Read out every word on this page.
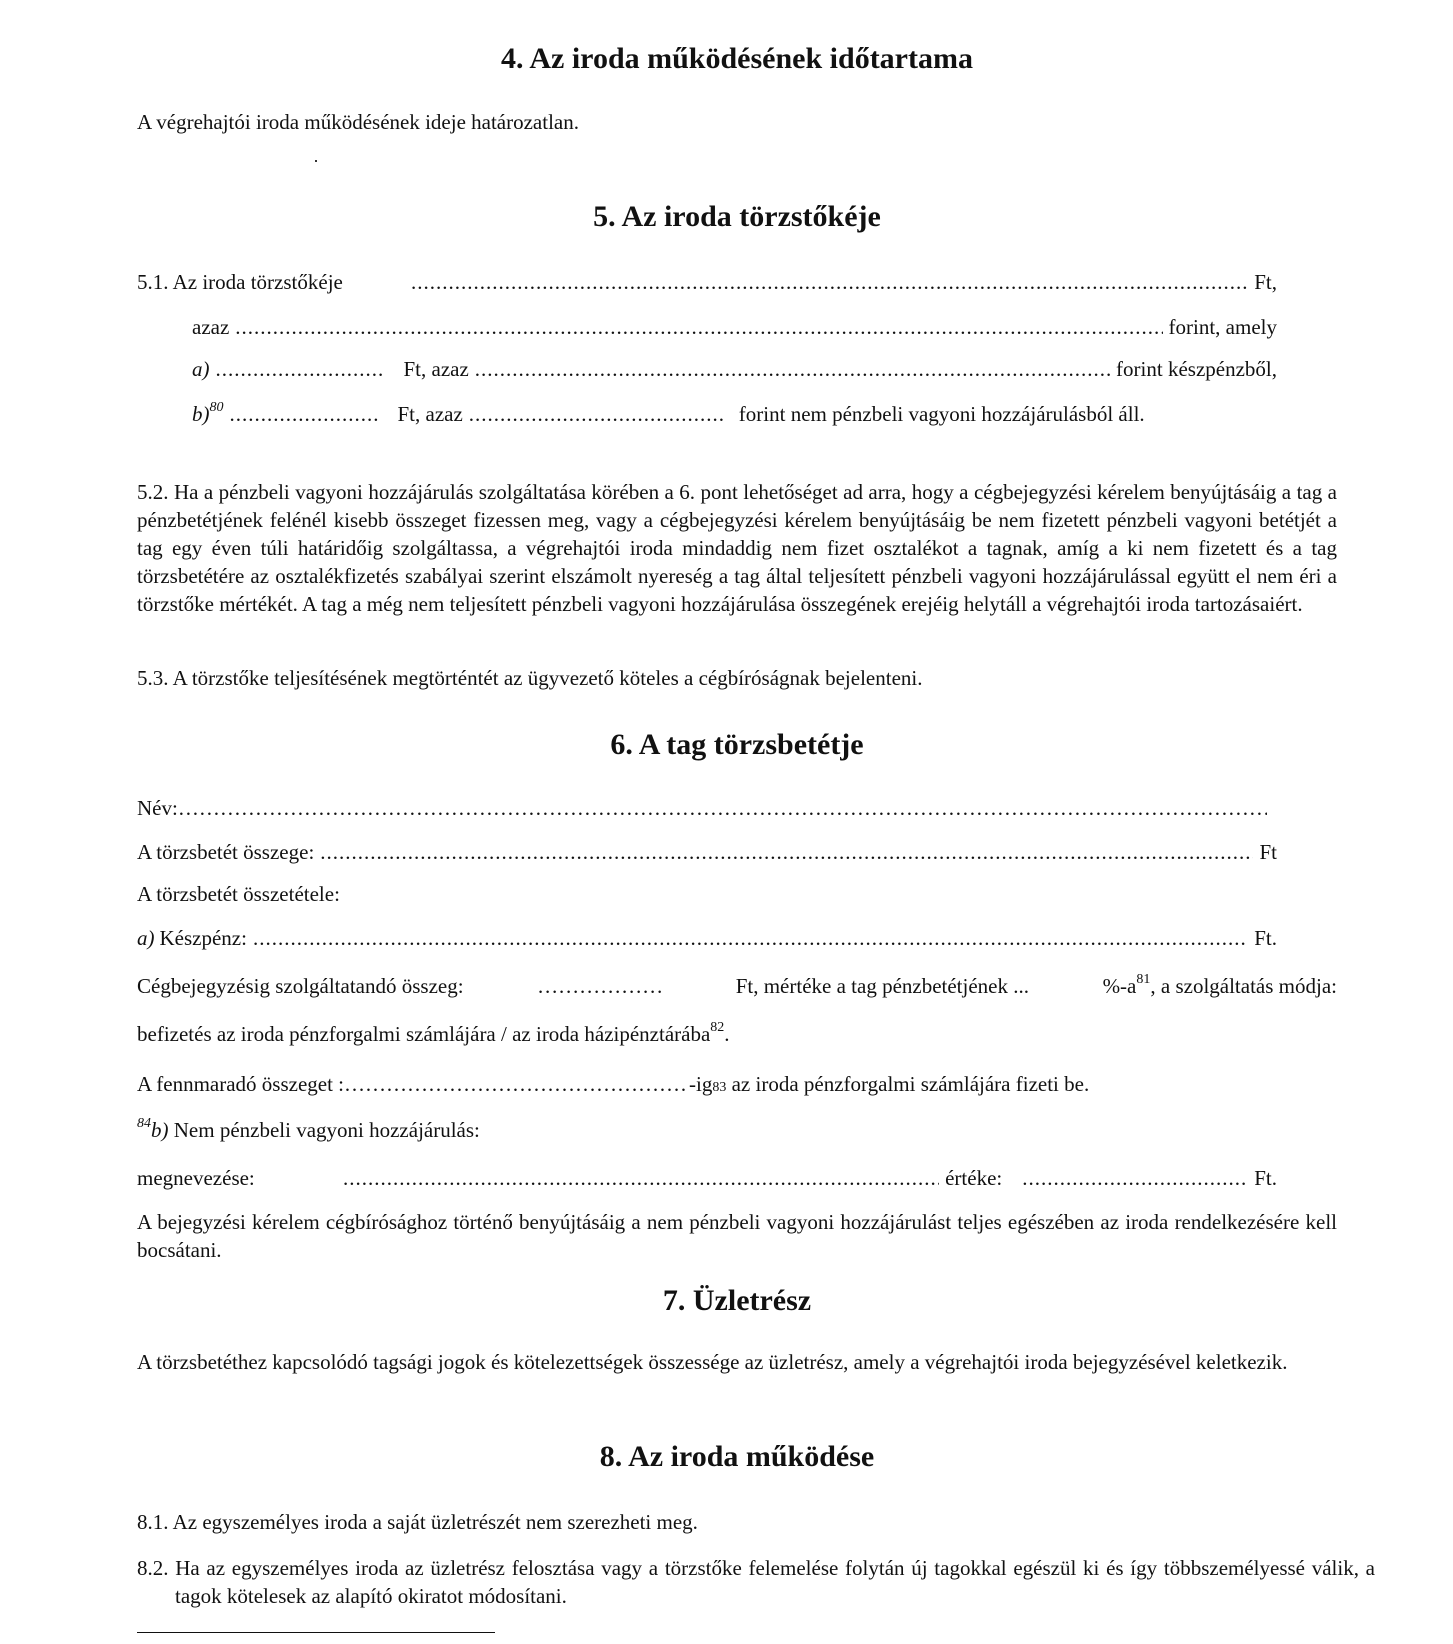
4. Az iroda működésének időtartama
A végrehajtói iroda működésének ideje határozatlan.
5. Az iroda törzstőkéje
5.1. Az iroda törzstőkéje .....	Ft,
azaz .....	forint, amely
a) .....	Ft, azaz .....	forint készpénzből,
b)$^{80}$ .....	Ft, azaz .....	forint nem pénzbeli vagyoni hozzájárulásból áll.
5.2. Ha a pénzbeli vagyoni hozzájárulás szolgáltatása körében a 6. pont lehetőséget ad arra, hogy a cégbejegyzési kérelem benyújtásáig a tag a pénzbetétjének felénél kisebb összeget fizessen meg, vagy a cégbejegyzési kérelem benyújtásáig be nem fizetett pénzbeli vagyoni betétjét a tag egy éven túli határidőig szolgáltassa, a végrehajtói iroda mindaddig nem fizet osztalékot a tagnak, amíg a ki nem fizetett és a tag törzsbetétére az osztalékfizetés szabályai szerint elszámolt nyereség a tag által teljesített pénzbeli vagyoni hozzájárulással együtt el nem éri a törzstőke mértékét. A tag a még nem teljesített pénzbeli vagyoni hozzájárulása összegének erejéig helytáll a végrehajtói iroda tartozásaiért.
5.3. A törzstőke teljesítésének megtörténtét az ügyvezető köteles a cégbíróságnak bejelenteni.
6. A tag törzsbetétje
Név:
……………………………………………………………………………………………………………………………………………………………………
A törzsbetét összege: .....	Ft
A törzsbetét összetétele:
a) Készpénz: .....	Ft.
Cégbejegyzésig szolgáltatandó összeg: ……………………………………………………………………………………………………………………………………………………………………	Ft, mértéke a tag pénzbetétjének ...	$\%-a^{81}$, a szolgáltatás módja:
befizetés az iroda pénzforgalmi számlájára / az iroda házipénztárába$^{82}$.
A fennmaradó összeget : ……………………………………………………………………………………………………………………………………………………………………	-ig 83 az iroda pénzforgalmi számlájára fizeti be.
$^{84}$b) Nem pénzbeli vagyoni hozzájárulás:
megnevezése: .....	értéke: .....	Ft.
A bejegyzési kérelem cégbírósághoz történő benyújtásáig a nem pénzbeli vagyoni hozzájárulást teljes egészében az iroda rendelkezésére kell bocsátani.
7. Üzletrész
A törzsbetéthez kapcsolódó tagsági jogok és kötelezettségek összessége az üzletrész, amely a végrehajtói iroda bejegyzésével keletkezik.
8. Az iroda működése
8.1. Az egyszemélyes iroda a saját üzletrészét nem szerezheti meg.
8.2. Ha az egyszemélyes iroda az üzletrész felosztása vagy a törzstőke felemelése folytán új tagokkal egészül ki és így többszemélyessé válik, a tagok kötelesek az alapító okiratot módosítani.
